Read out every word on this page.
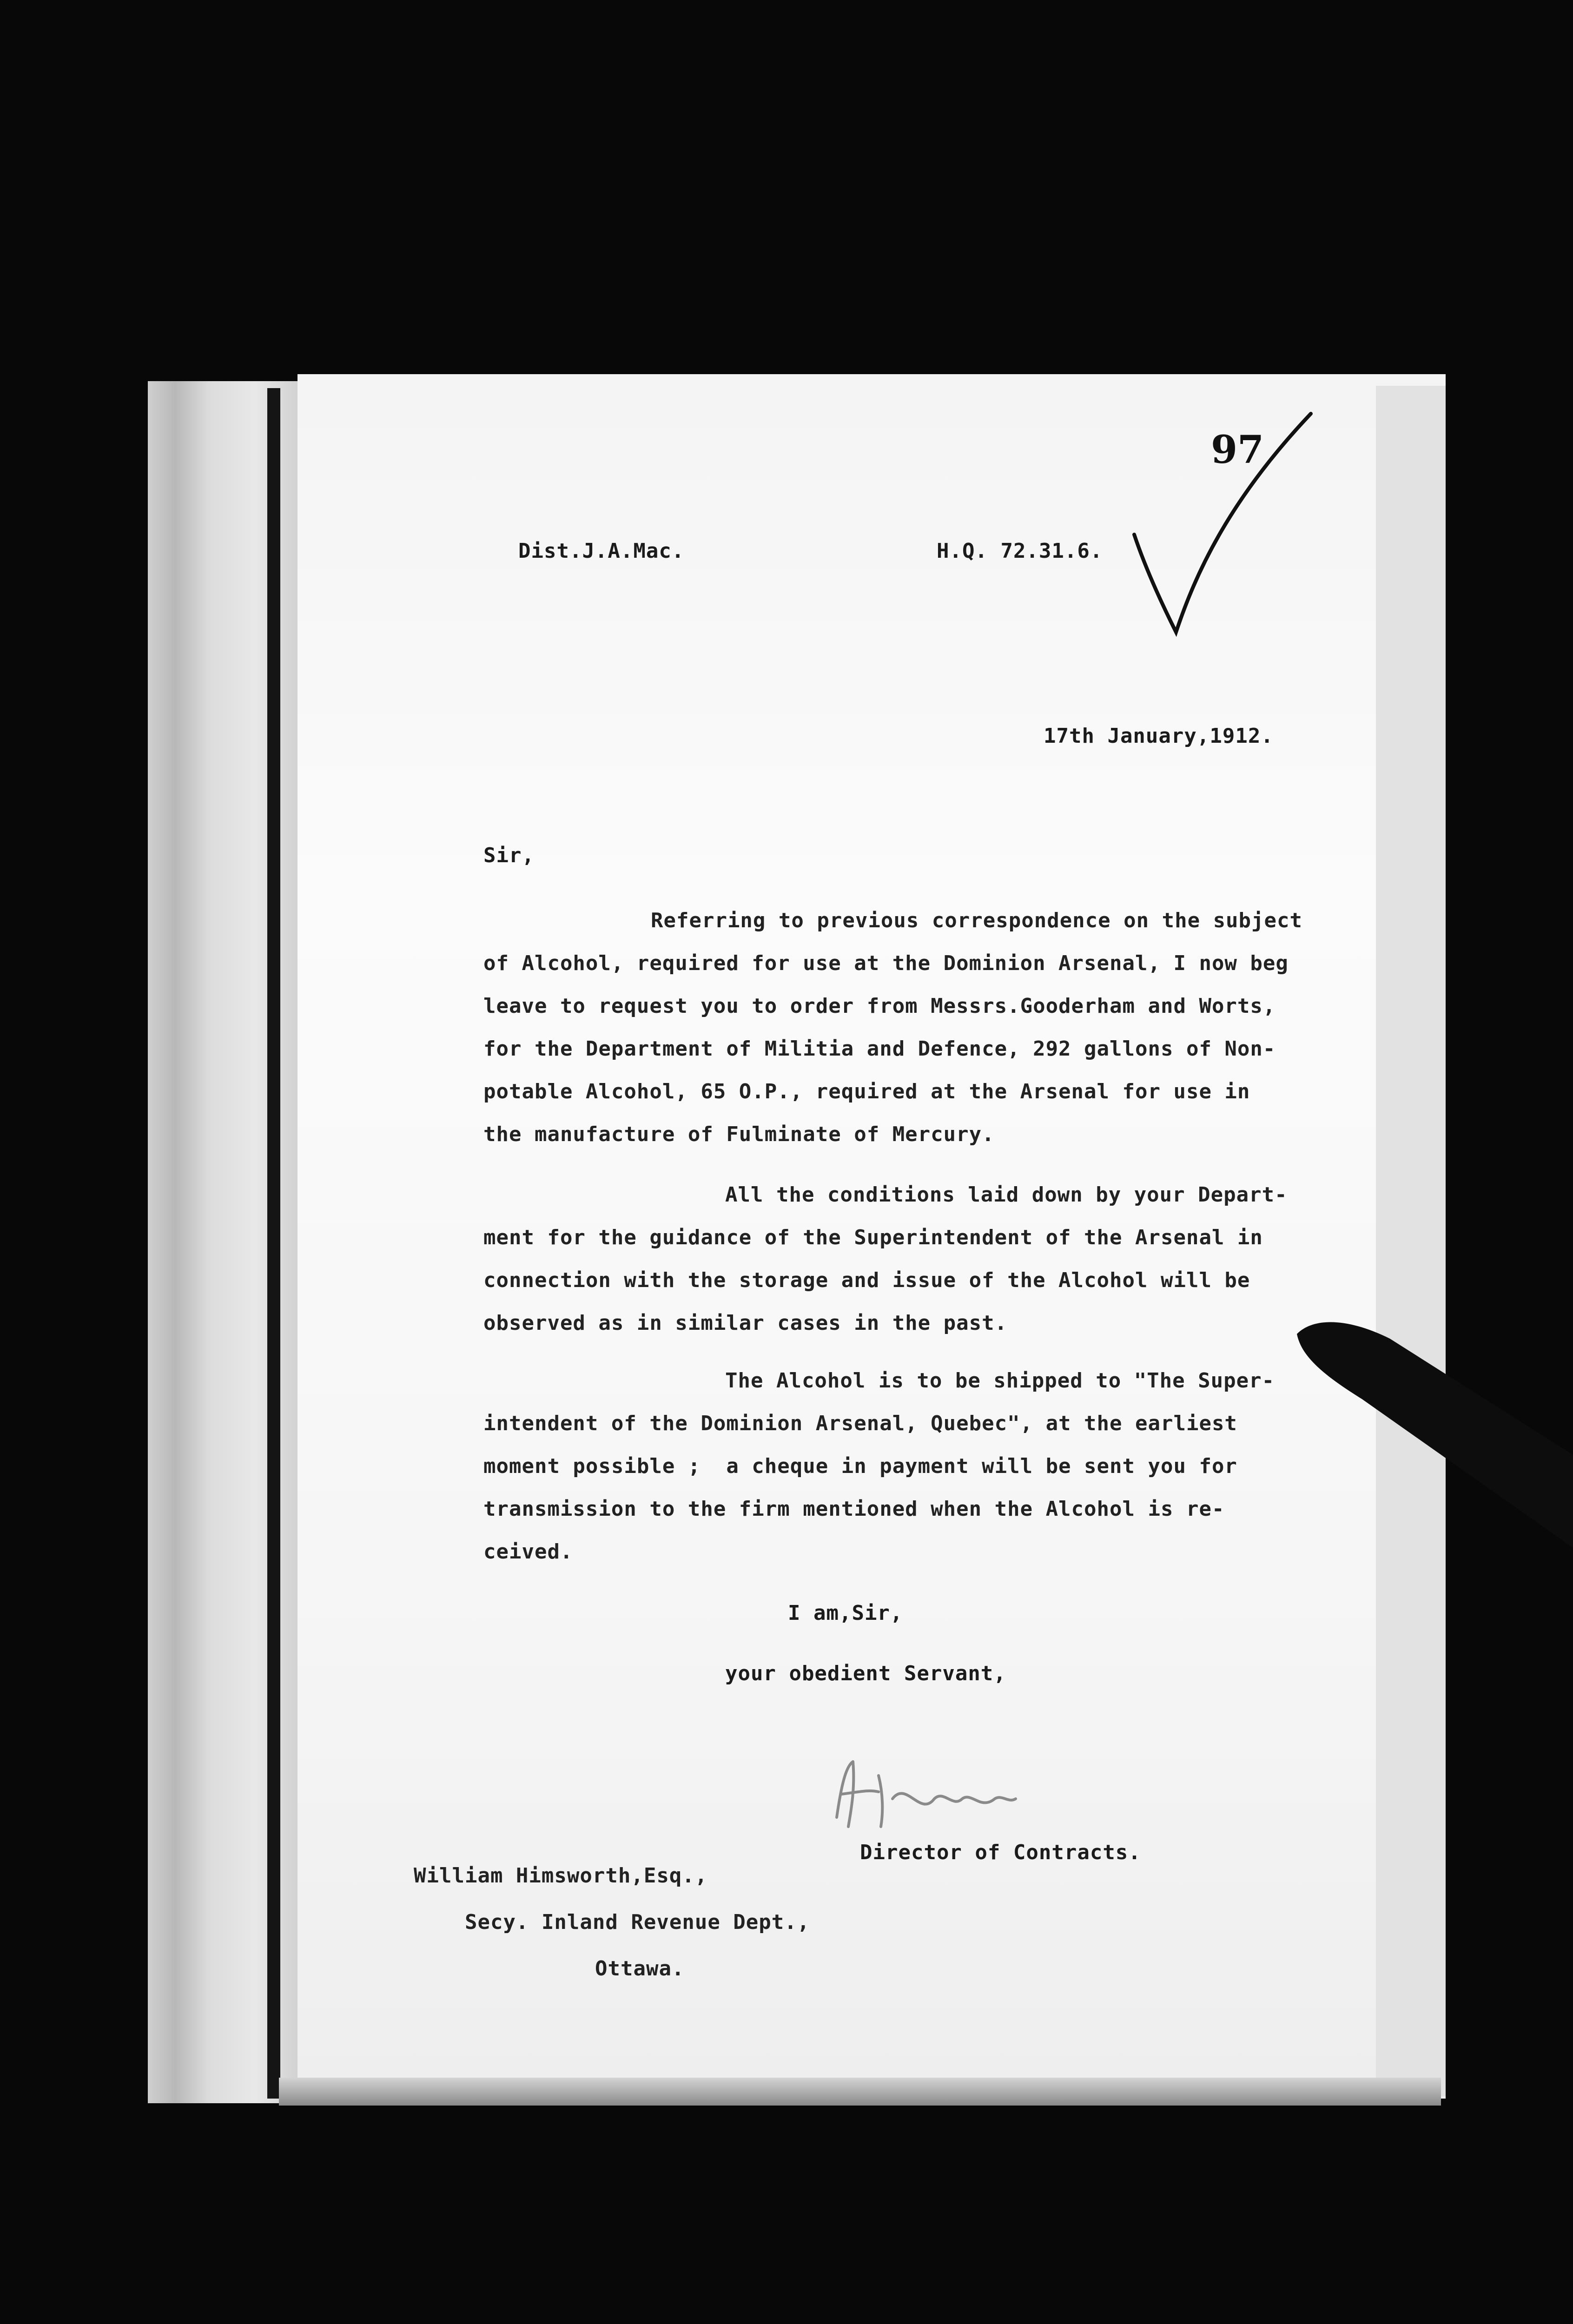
97
Dist.J.A.Mac.	H.Q. 72.31.6.
17th January,1912.
Sir,
Referring to previous correspondence on the subject
of Alcohol, required for use at the Dominion Arsenal, I now beg
leave to request you to order from Messrs.Gooderham and Worts,
for the Department of Militia and Defence, 292 gallons of Non-
potable Alcohol, 65 O.P., required at the Arsenal for use in
the manufacture of Fulminate of Mercury.
All the conditions laid down by your Depart-
ment for the guidance of the Superintendent of the Arsenal in
connection with the storage and issue of the Alcohol will be
observed as in similar cases in the past.
The Alcohol is to be shipped to "The Super-
intendent of the Dominion Arsenal, Quebec", at the earliest
moment possible ;  a cheque in payment will be sent you for
transmission to the firm mentioned when the Alcohol is re-
ceived.
I am,Sir,
your obedient Servant,
Director of Contracts.
William Himsworth,Esq.,
Secy. Inland Revenue Dept.,
Ottawa.
